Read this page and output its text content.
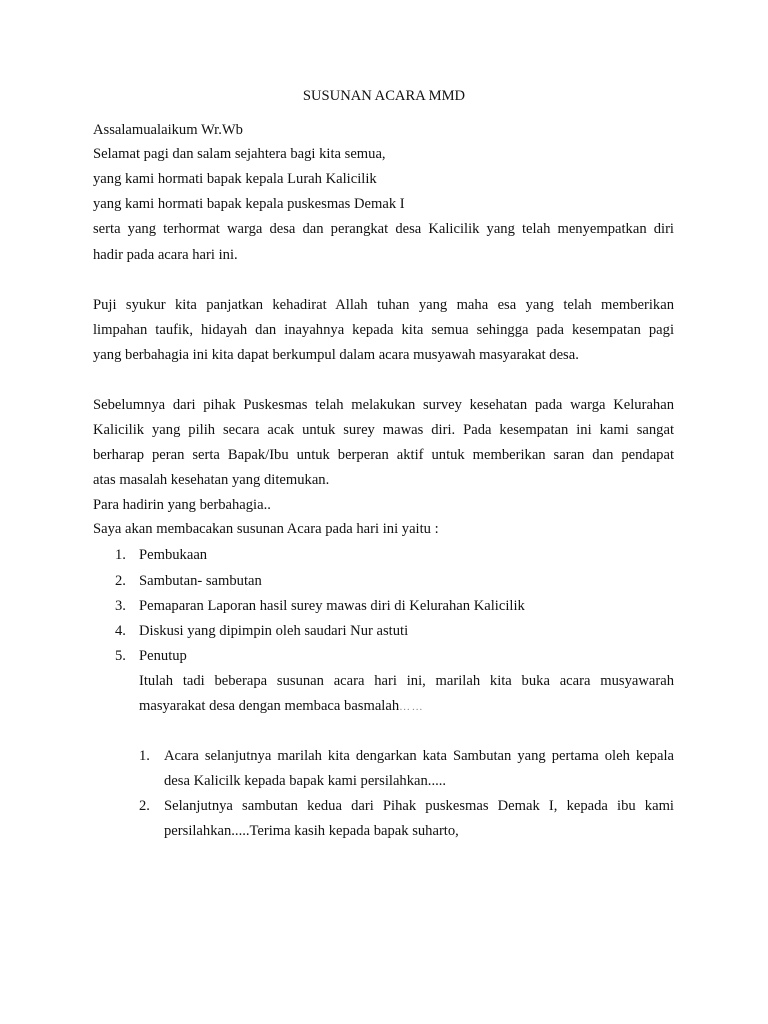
SUSUNAN ACARA MMD
Assalamualaikum Wr.Wb
Selamat pagi dan salam sejahtera bagi kita semua,
yang kami hormati bapak kepala Lurah Kalicilik
yang kami hormati bapak kepala puskesmas Demak I
serta yang terhormat warga desa dan perangkat desa Kalicilik yang telah menyempatkan diri
hadir pada acara hari ini.
Puji syukur kita panjatkan kehadirat Allah tuhan yang maha esa yang telah memberikan
limpahan taufik, hidayah dan inayahnya kepada kita semua sehingga pada kesempatan pagi
yang berbahagia ini kita dapat berkumpul dalam acara musyawah masyarakat desa.
Sebelumnya dari pihak Puskesmas telah melakukan survey kesehatan pada warga Kelurahan
Kalicilik yang pilih secara acak untuk surey mawas diri. Pada kesempatan ini kami sangat
berharap peran serta Bapak/Ibu untuk berperan aktif untuk memberikan saran dan pendapat
atas masalah kesehatan yang ditemukan.
Para hadirin yang berbahagia..
Saya akan membacakan susunan Acara pada hari ini yaitu :
1. Pembukaan
2. Sambutan- sambutan
3. Pemaparan Laporan hasil surey mawas diri di Kelurahan Kalicilik
4. Diskusi yang dipimpin oleh saudari Nur astuti
5. Penutup
Itulah tadi beberapa susunan acara hari ini, marilah kita buka acara musyawarah
masyarakat desa dengan membaca basmalah……
1. Acara selanjutnya marilah kita dengarkan kata Sambutan yang pertama oleh kepala
desa Kalicilk kepada bapak kami persilahkan.....
2. Selanjutnya sambutan kedua dari Pihak puskesmas Demak I, kepada ibu kami
persilahkan.....Terima kasih kepada bapak suharto,
